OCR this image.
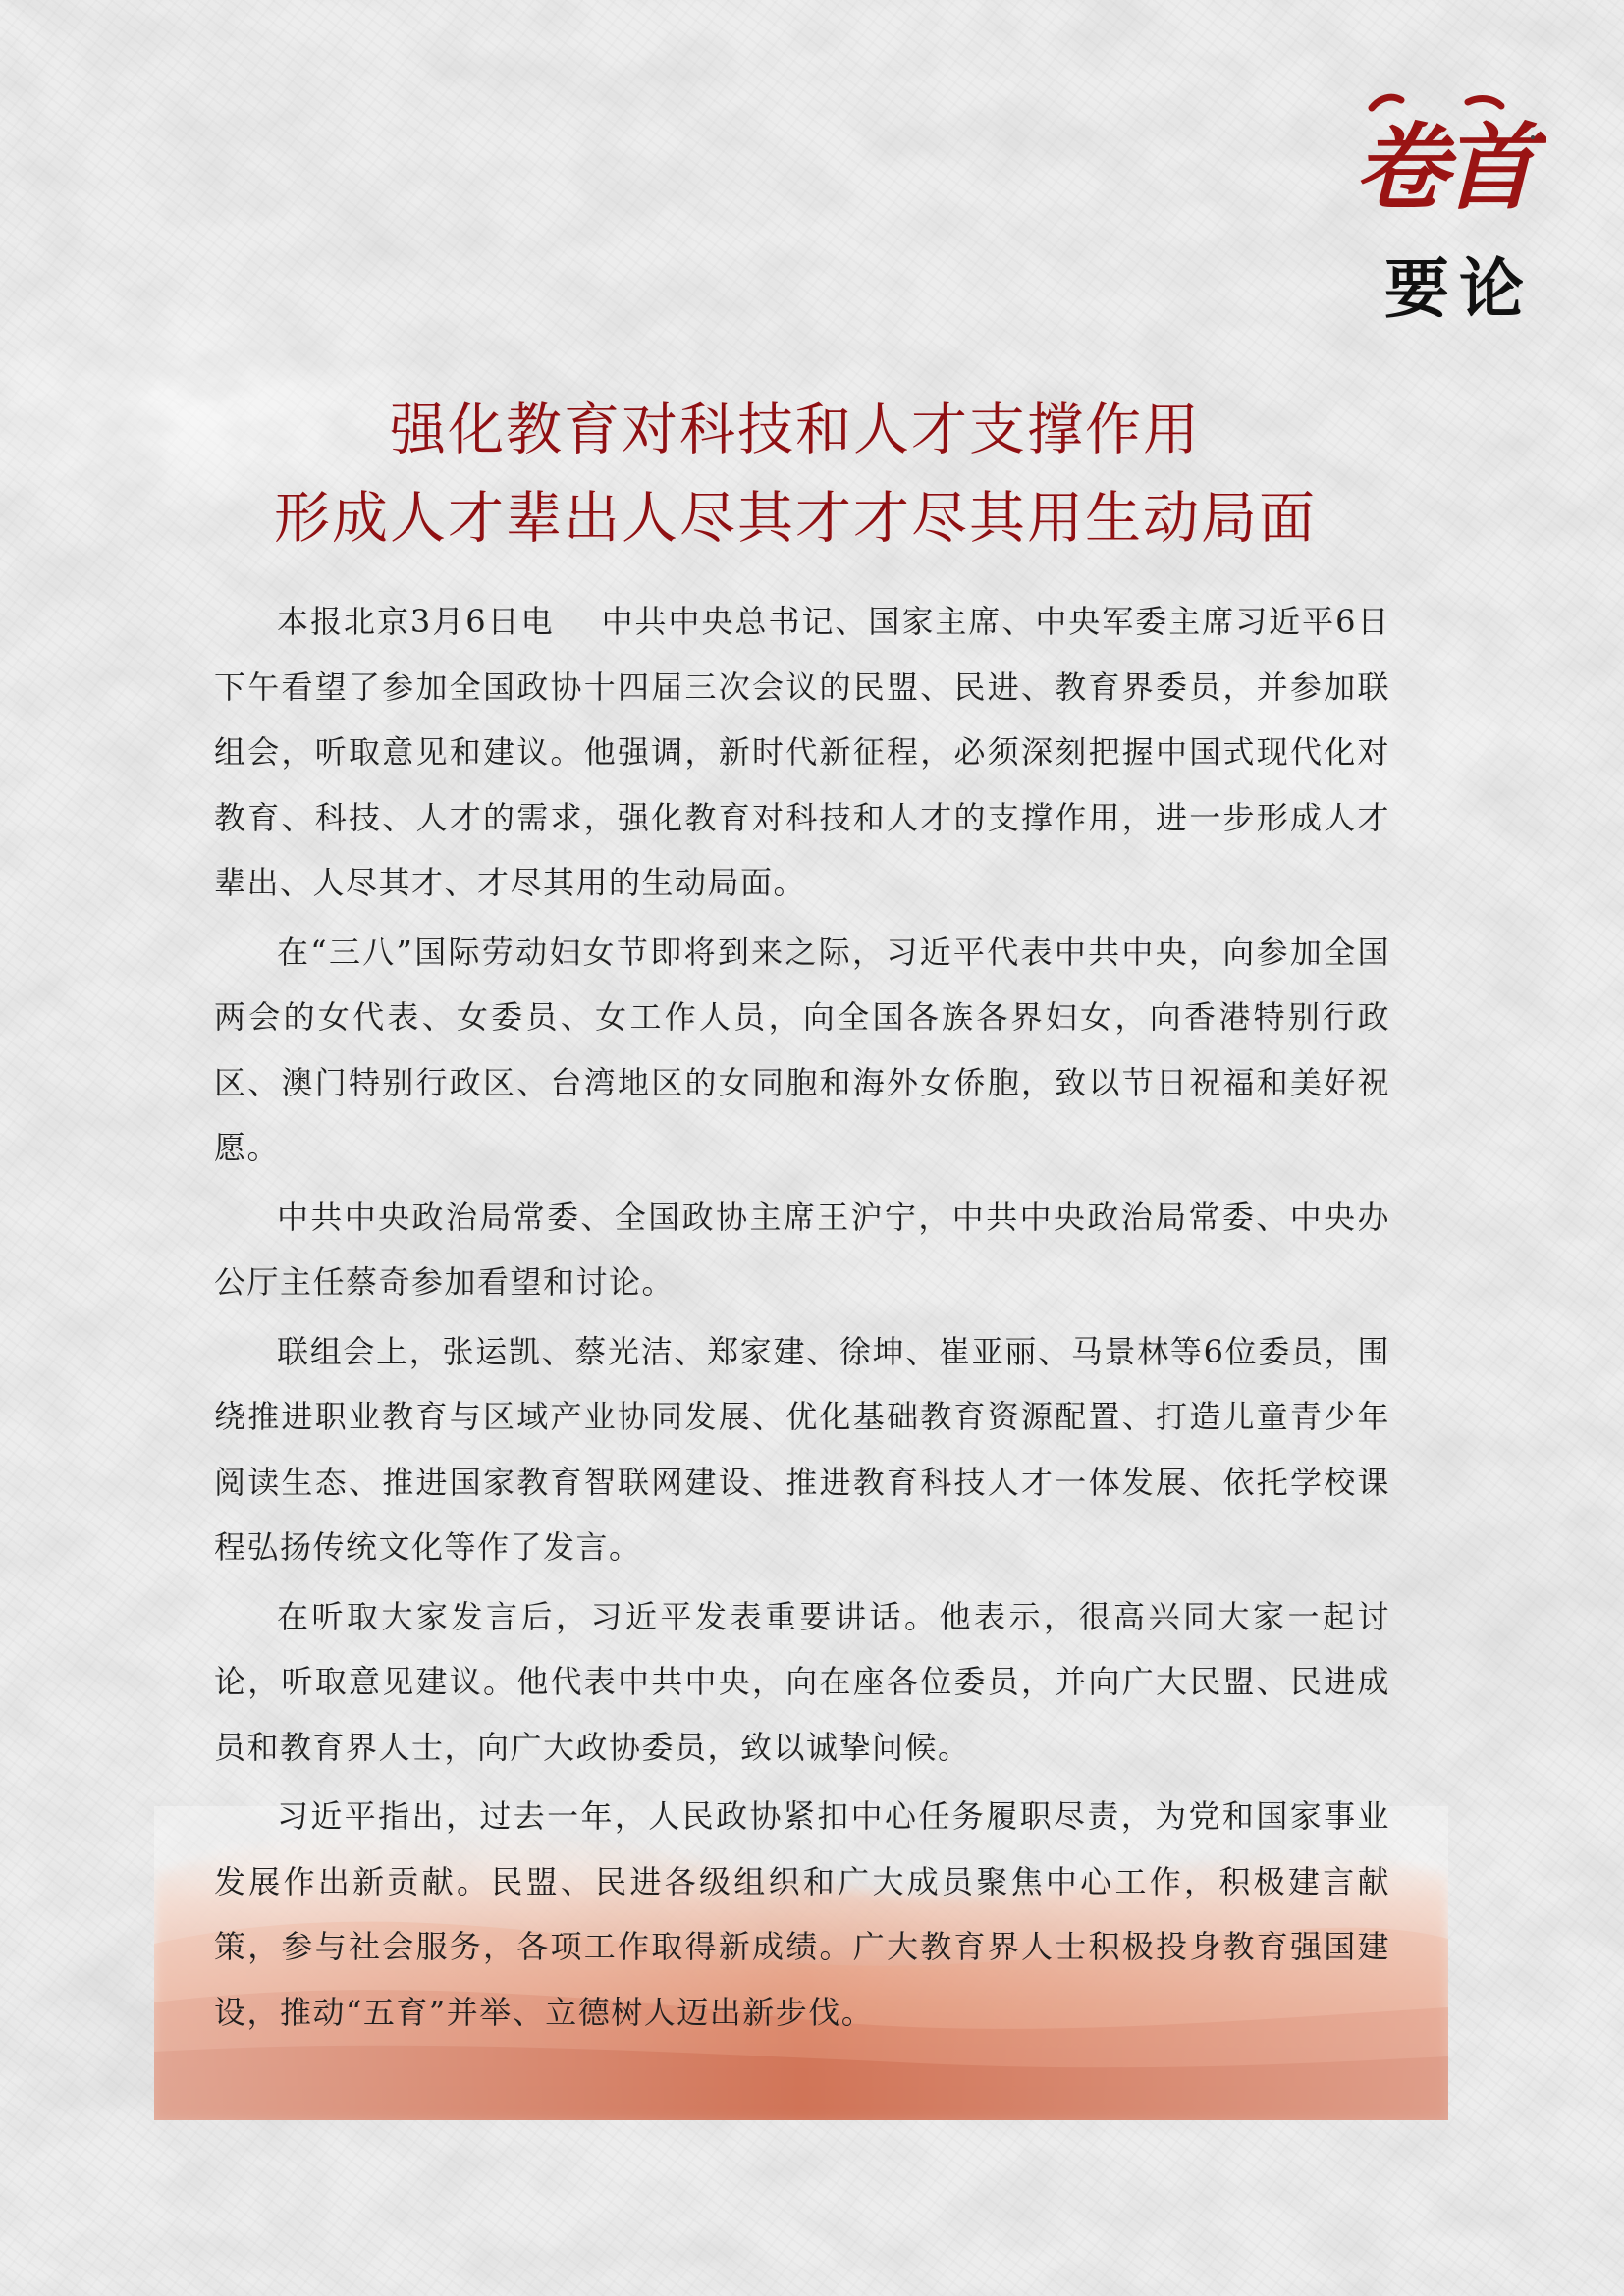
卷首
要论
强化教育对科技和人才支撑作用
形成人才辈出人尽其才才尽其用生动局面

本报北京3月6日电 中共中央总书记、国家主席、中央军委主席习近平6日下午看望了参加全国政协十四届三次会议的民盟、民进、教育界委员，并参加联组会，听取意见和建议。他强调，新时代新征程，必须深刻把握中国式现代化对教育、科技、人才的需求，强化教育对科技和人才的支撑作用，进一步形成人才辈出、人尽其才、才尽其用的生动局面。

在“三八”国际劳动妇女节即将到来之际，习近平代表中共中央，向参加全国两会的女代表、女委员、女工作人员，向全国各族各界妇女，向香港特别行政区、澳门特别行政区、台湾地区的女同胞和海外女侨胞，致以节日祝福和美好祝愿。

中共中央政治局常委、全国政协主席王沪宁，中共中央政治局常委、中央办公厅主任蔡奇参加看望和讨论。

联组会上，张运凯、蔡光洁、郑家建、徐坤、崔亚丽、马景林等6位委员，围绕推进职业教育与区域产业协同发展、优化基础教育资源配置、打造儿童青少年阅读生态、推进国家教育智联网建设、推进教育科技人才一体发展、依托学校课程弘扬传统文化等作了发言。

在听取大家发言后，习近平发表重要讲话。他表示，很高兴同大家一起讨论，听取意见建议。他代表中共中央，向在座各位委员，并向广大民盟、民进成员和教育界人士，向广大政协委员，致以诚挚问候。

习近平指出，过去一年，人民政协紧扣中心任务履职尽责，为党和国家事业发展作出新贡献。民盟、民进各级组织和广大成员聚焦中心工作，积极建言献策，参与社会服务，各项工作取得新成绩。广大教育界人士积极投身教育强国建设，推动“五育”并举、立德树人迈出新步伐。
